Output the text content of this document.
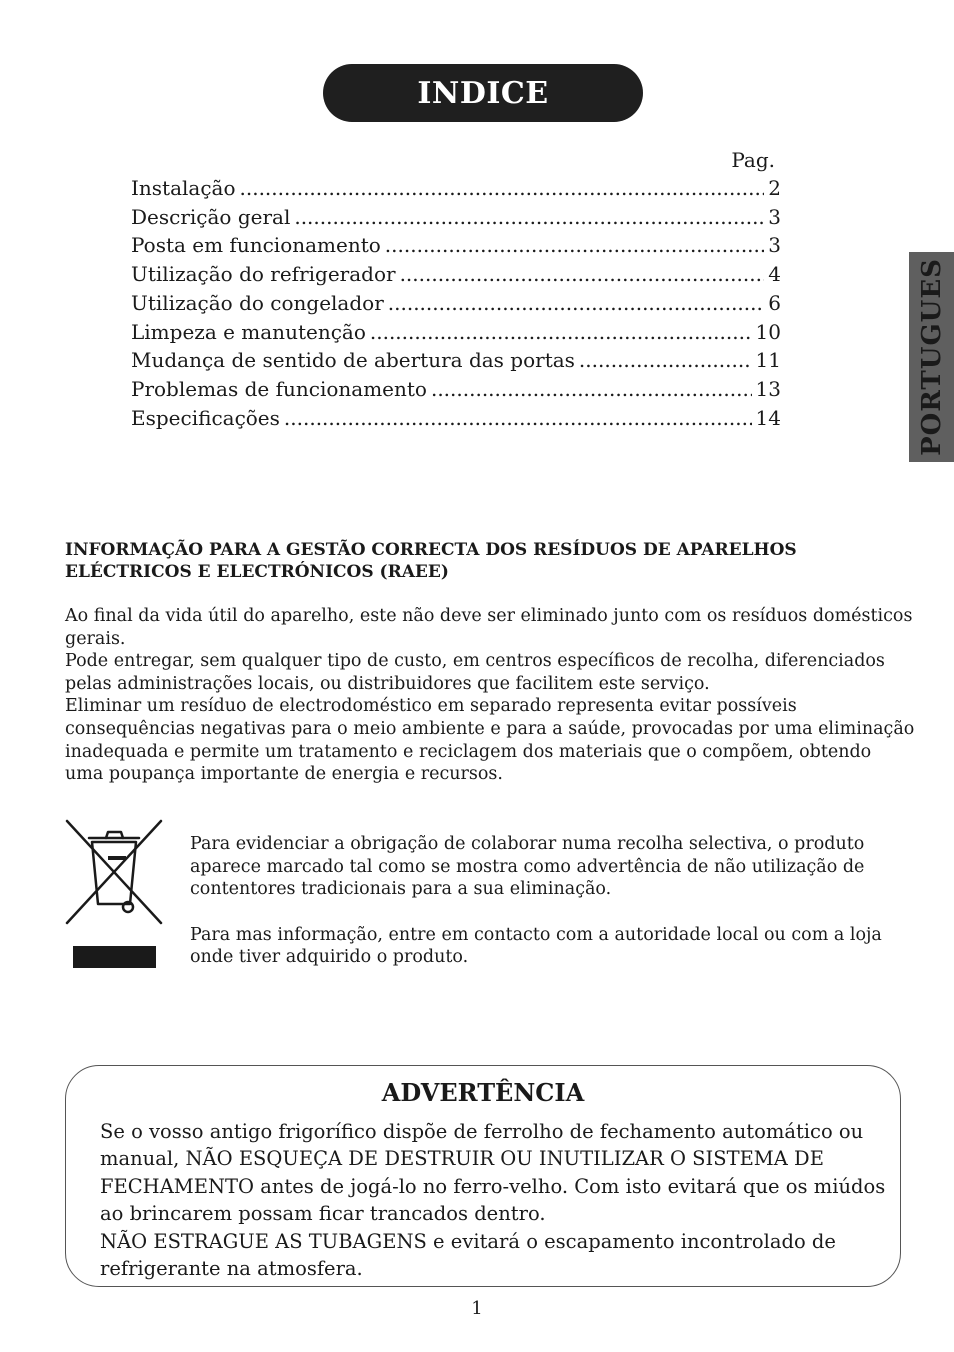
INDICE
PORTUGUES
Pag.
Instalação .....	2
Descrição geral .....	3
Posta em funcionamento .....	3
Utilização do refrigerador .....	4
Utilização do congelador .....	6
Limpeza e manutenção .....	10
Mudança de sentido de abertura das portas .....	11
Problemas de funcionamento .....	13
Especificações .....	14
INFORMAÇÃO PARA A GESTÃO CORRECTA DOS RESÍDUOS DE APARELHOS ELÉCTRICOS E ELECTRÓNICOS (RAEE)

Ao final da vida útil do aparelho, este não deve ser eliminado junto com os resíduos domésticos gerais.

Pode entregar, sem qualquer tipo de custo, em centros específicos de recolha, diferenciados pelas administrações locais, ou distribuidores que facilitem este serviço.

Eliminar um resíduo de electrodoméstico em separado representa evitar possíveis consequências negativas para o meio ambiente e para a saúde, provocadas por uma eliminação inadequada e permite um tratamento e reciclagem dos materiais que o compõem, obtendo uma poupança importante de energia e recursos.

Para evidenciar a obrigação de colaborar numa recolha selectiva, o produto aparece marcado tal como se mostra como advertência de não utilização de contentores tradicionais para a sua eliminação.

Para mas informação, entre em contacto com a autoridade local ou com a loja onde tiver adquirido o produto.

ADVERTÊNCIA

Se o vosso antigo frigorífico dispõe de ferrolho de fechamento automático ou manual, NÃO ESQUEÇA DE DESTRUIR OU INUTILIZAR O SISTEMA DE FECHAMENTO antes de jogá-lo no ferro-velho. Com isto evitará que os miúdos ao brincarem possam ficar trancados dentro.

NÃO ESTRAGUE AS TUBAGENS e evitará o escapamento incontrolado de refrigerante na atmosfera.

1
